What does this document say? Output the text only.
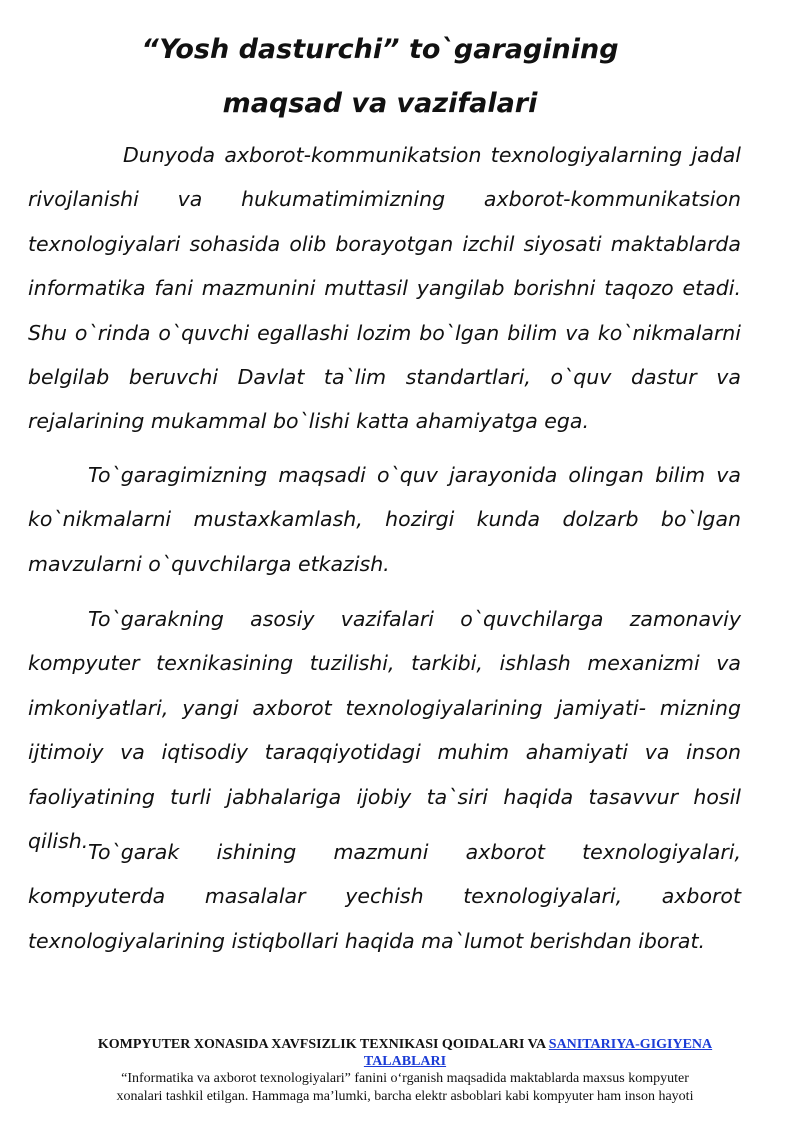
“Yosh dasturchi” to`garagining
maqsad va vazifalari
Dunyoda axborot-kommunikatsion texnologiyalarning jadal rivojlanishi va hukumatimimizning axborot-kommunikatsion texnologiyalari sohasida olib borayotgan izchil siyosati maktablarda informatika fani mazmunini muttasil yangilab borishni taqozo etadi. Shu o`rinda o`quvchi egallashi lozim bo`lgan bilim va ko`nikmalarni belgilab beruvchi Davlat ta`lim standartlari, o`quv dastur va rejalarining mukammal bo`lishi katta ahamiyatga ega.
To`garagimizning maqsadi o`quv jarayonida olingan bilim va ko`nikmalarni mustaxkamlash, hozirgi kunda dolzarb bo`lgan mavzularni o`quvchilarga etkazish.
To`garakning asosiy vazifalari o`quvchilarga zamonaviy kompyuter texnikasining tuzilishi, tarkibi, ishlash mexanizmi va imkoniyatlari, yangi axborot texnologiyalarining jamiyati- mizning ijtimoiy va iqtisodiy taraqqiyotidagi muhim ahamiyati va inson faoliyatining turli jabhalariga ijobiy ta`siri haqida tasavvur hosil qilish. To`garak ishining mazmuni axborot texnologiyalari, kompyuterda masalalar yechish texnologiyalari, axborot texnologiyalarining istiqbollari haqida ma`lumot berishdan iborat.
KOMPYUTER XONASIDA XAVFSIZLIK TEXNIKASI QOIDALARI VA SANITARIYA-GIGIYENA TALABLARI
“Informatika va axborot texnologiyalari” fanini o‘rganish maqsadida maktablarda maxsus kompyuter
xonalari tashkil etilgan. Hammaga ma’lumki, barcha elektr asboblari kabi kompyuter ham inson hayoti
